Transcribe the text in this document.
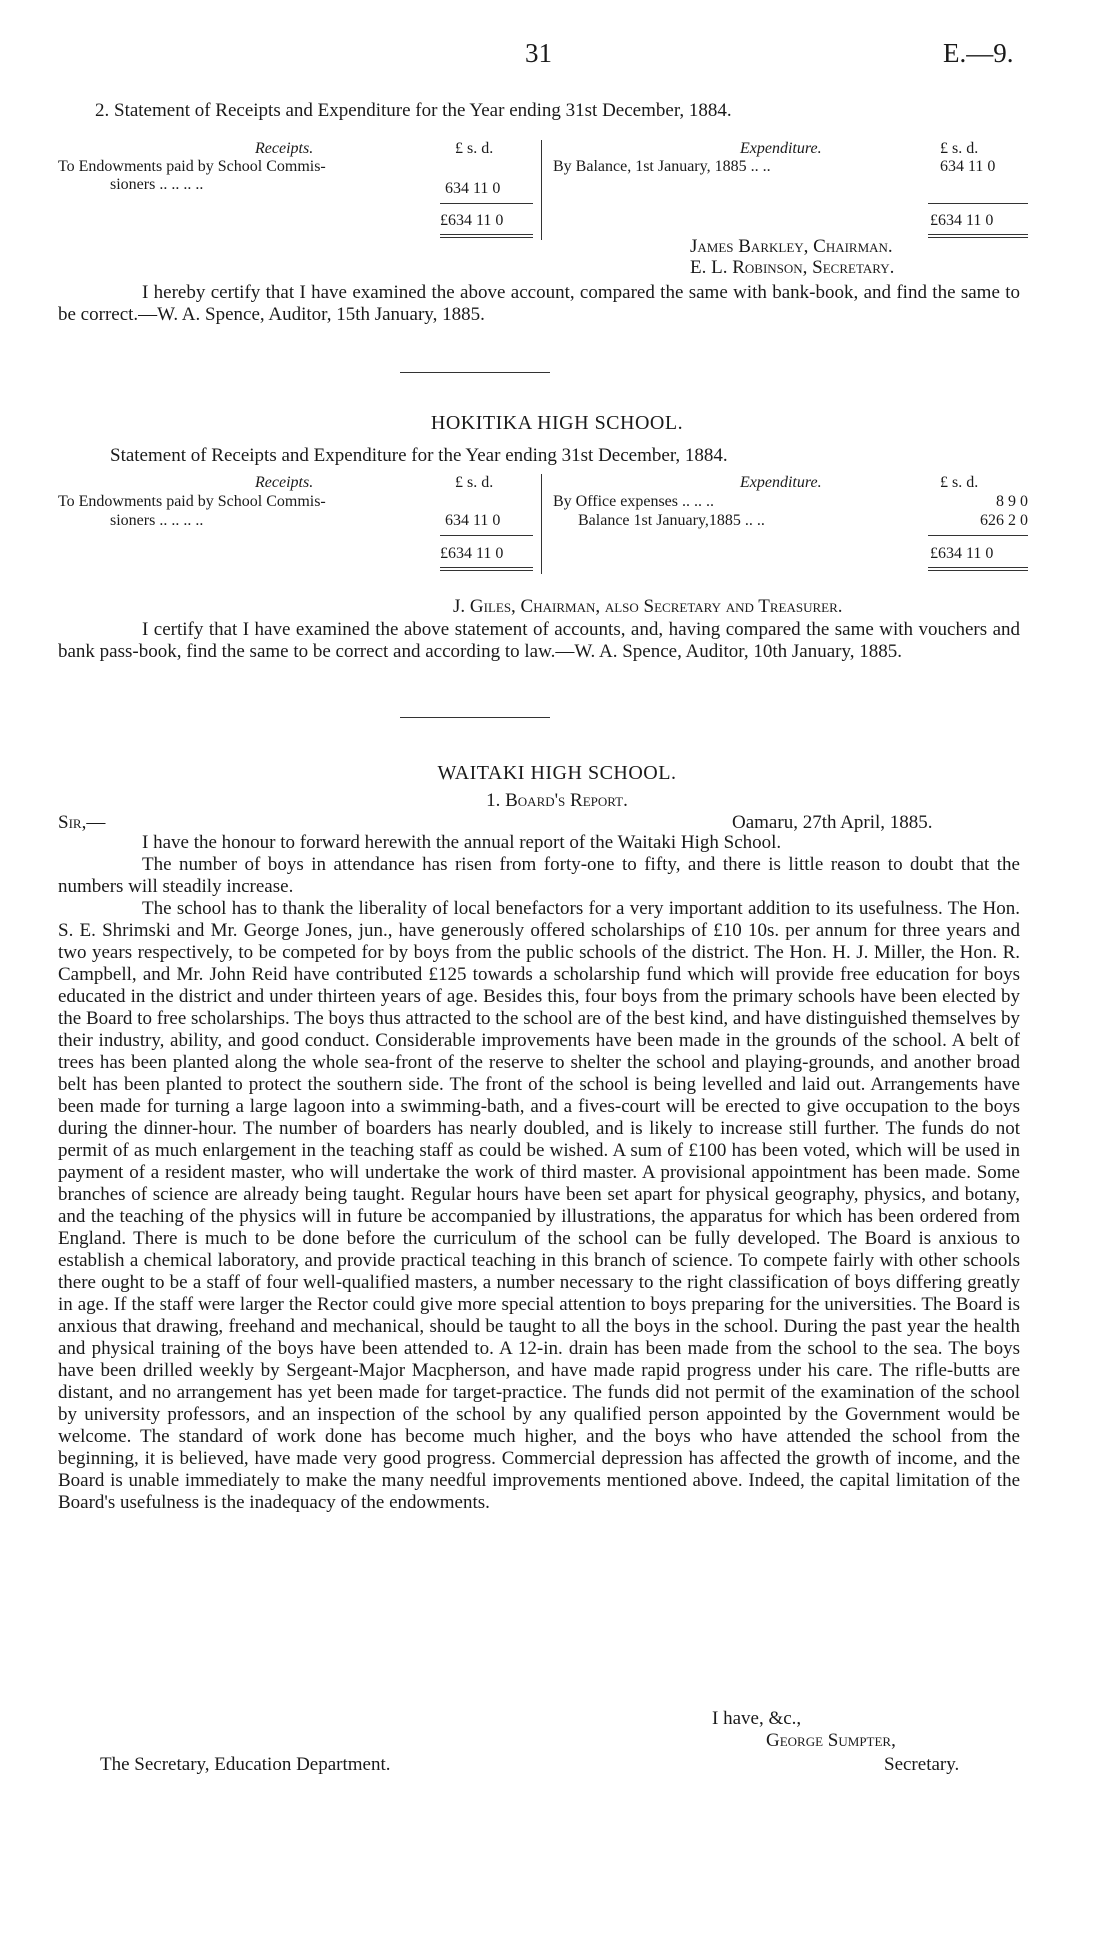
31	E.—9.
2. Statement of Receipts and Expenditure for the Year ending 31st December, 1884.
Receipts.	£ s. d.	Expenditure.	£ s. d.
To Endowments paid by School Commis-
sioners .. .. .. ..	634 11 0
£634 11 0
By Balance, 1st January, 1885 .. ..	634 11 0
£634 11 0
James Barkley, Chairman.
E. L. Robinson, Secretary.

I hereby certify that I have examined the above account, compared the same with bank-book, and find the same to be correct.—W. A. Spence, Auditor, 15th January, 1885.

HOKITIKA HIGH SCHOOL.
Statement of Receipts and Expenditure for the Year ending 31st December, 1884.
Receipts.	£ s. d.	Expenditure.	£ s. d.
To Endowments paid by School Commis-
sioners .. .. .. ..	634 11 0
£634 11 0
By Office expenses .. .. ..	8 9 0
Balance 1st January,1885 .. ..	626 2 0
£634 11 0
J. Giles, Chairman, also Secretary and Treasurer.

I certify that I have examined the above statement of accounts, and, having compared the same with vouchers and bank pass-book, find the same to be correct and according to law.—W. A. Spence, Auditor, 10th January, 1885.

WAITAKI HIGH SCHOOL.
1. Board's Report.
Sir,—	Oamaru, 27th April, 1885.

I have the honour to forward herewith the annual report of the Waitaki High School.

The number of boys in attendance has risen from forty-one to fifty, and there is little reason to doubt that the numbers will steadily increase.

The school has to thank the liberality of local benefactors for a very important addition to its usefulness. The Hon. S. E. Shrimski and Mr. George Jones, jun., have generously offered scholarships of £10 10s. per annum for three years and two years respectively, to be competed for by boys from the public schools of the district. The Hon. H. J. Miller, the Hon. R. Campbell, and Mr. John Reid have contributed £125 towards a scholarship fund which will provide free education for boys educated in the district and under thirteen years of age. Besides this, four boys from the primary schools have been elected by the Board to free scholarships. The boys thus attracted to the school are of the best kind, and have distinguished themselves by their industry, ability, and good conduct. Considerable improvements have been made in the grounds of the school. A belt of trees has been planted along the whole sea-front of the reserve to shelter the school and playing-grounds, and another broad belt has been planted to protect the southern side. The front of the school is being levelled and laid out. Arrangements have been made for turning a large lagoon into a swimming-bath, and a fives-court will be erected to give occupation to the boys during the dinner-hour. The number of boarders has nearly doubled, and is likely to increase still further. The funds do not permit of as much enlargement in the teaching staff as could be wished. A sum of £100 has been voted, which will be used in payment of a resident master, who will undertake the work of third master. A provisional appointment has been made. Some branches of science are already being taught. Regular hours have been set apart for physical geography, physics, and botany, and the teaching of the physics will in future be accompanied by illustrations, the apparatus for which has been ordered from England. There is much to be done before the curriculum of the school can be fully developed. The Board is anxious to establish a chemical laboratory, and provide practical teaching in this branch of science. To compete fairly with other schools there ought to be a staff of four well-qualified masters, a number necessary to the right classification of boys differing greatly in age. If the staff were larger the Rector could give more special attention to boys preparing for the universities. The Board is anxious that drawing, freehand and mechanical, should be taught to all the boys in the school. During the past year the health and physical training of the boys have been attended to. A 12-in. drain has been made from the school to the sea. The boys have been drilled weekly by Sergeant-Major Macpherson, and have made rapid progress under his care. The rifle-butts are distant, and no arrangement has yet been made for target-practice. The funds did not permit of the examination of the school by university professors, and an inspection of the school by any qualified person appointed by the Government would be welcome. The standard of work done has become much higher, and the boys who have attended the school from the beginning, it is believed, have made very good progress. Commercial depression has affected the growth of income, and the Board is unable immediately to make the many needful improvements mentioned above. Indeed, the capital limitation of the Board's usefulness is the inadequacy of the endowments.

I have, &c.,
George Sumpter,
The Secretary, Education Department.	Secretary.
